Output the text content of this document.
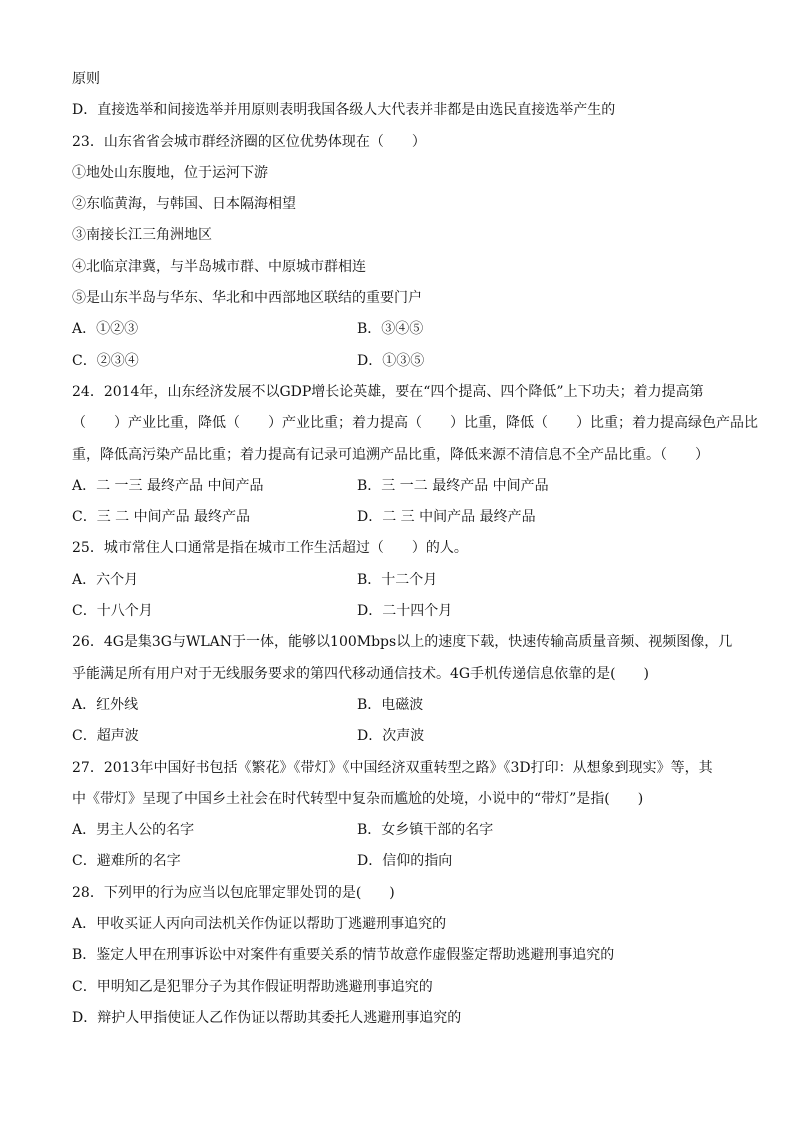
原则
D．直接选举和间接选举并用原则表明我国各级人大代表并非都是由选民直接选举产生的
23．山东省省会城市群经济圈的区位优势体现在（　　）
①地处山东腹地，位于运河下游
②东临黄海，与韩国、日本隔海相望
③南接长江三角洲地区
④北临京津冀，与半岛城市群、中原城市群相连
⑤是山东半岛与华东、华北和中西部地区联结的重要门户
A．①②③	B．③④⑤
C．②③④	D．①③⑤
24．2014年，山东经济发展不以GDP增长论英雄，要在“四个提高、四个降低”上下功夫；着力提高第
（　　）产业比重，降低（　　）产业比重；着力提高（　　）比重，降低（　　）比重；着力提高绿色产品比
重，降低高污染产品比重；着力提高有记录可追溯产品比重，降低来源不清信息不全产品比重。（　　）
A．二 一三 最终产品 中间产品	B．三 一二 最终产品 中间产品
C．三 二 中间产品 最终产品	D．二 三 中间产品 最终产品
25．城市常住人口通常是指在城市工作生活超过（　　）的人。
A．六个月	B．十二个月
C．十八个月	D．二十四个月
26．4G是集3G与WLAN于一体，能够以100Mbps以上的速度下载，快速传输高质量音频、视频图像，几
乎能满足所有用户对于无线服务要求的第四代移动通信技术。4G手机传递信息依靠的是(　　)
A．红外线	B．电磁波
C．超声波	D．次声波
27．2013年中国好书包括《繁花》《带灯》《中国经济双重转型之路》《3D打印：从想象到现实》等，其
中《带灯》呈现了中国乡土社会在时代转型中复杂而尴尬的处境，小说中的“带灯”是指(　　)
A．男主人公的名字	B．女乡镇干部的名字
C．避难所的名字	D．信仰的指向
28．下列甲的行为应当以包庇罪定罪处罚的是(　　)
A．甲收买证人丙向司法机关作伪证以帮助丁逃避刑事追究的
B．鉴定人甲在刑事诉讼中对案件有重要关系的情节故意作虚假鉴定帮助逃避刑事追究的
C．甲明知乙是犯罪分子为其作假证明帮助逃避刑事追究的
D．辩护人甲指使证人乙作伪证以帮助其委托人逃避刑事追究的
